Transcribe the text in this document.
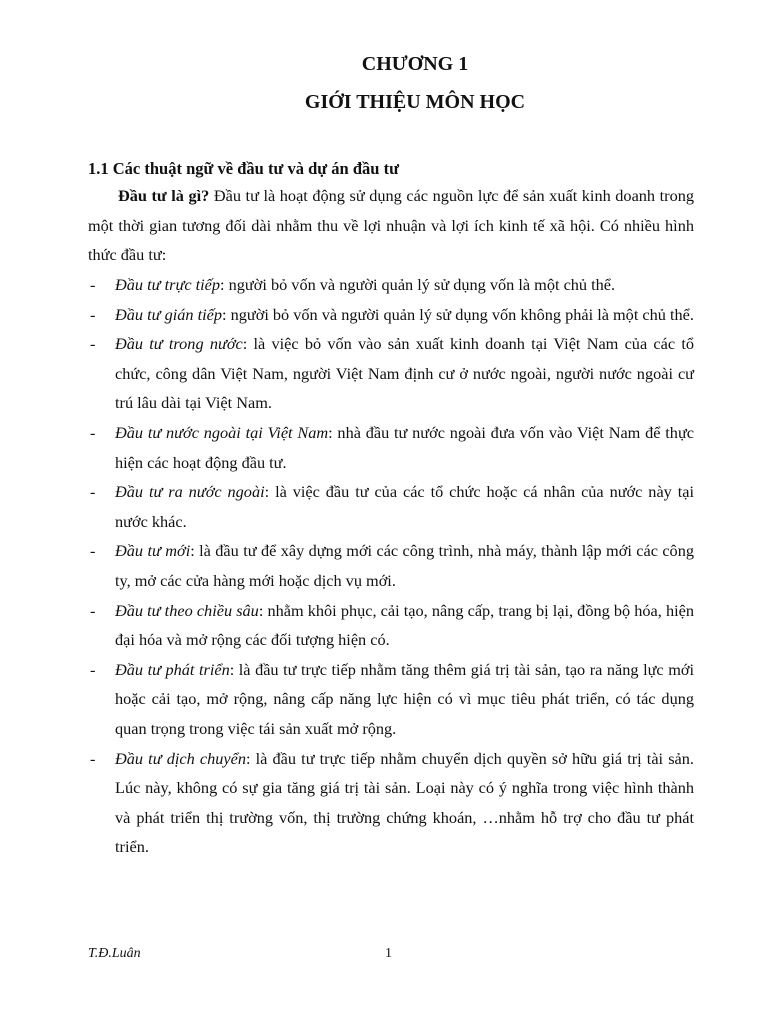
CHƯƠNG 1
GIỚI THIỆU MÔN HỌC
1.1 Các thuật ngữ về đầu tư và dự án đầu tư

Đầu tư là gì? Đầu tư là hoạt động sử dụng các nguồn lực để sản xuất kinh doanh trong một thời gian tương đối dài nhằm thu về lợi nhuận và lợi ích kinh tế xã hội. Có nhiều hình thức đầu tư:

- Đầu tư trực tiếp: người bỏ vốn và người quản lý sử dụng vốn là một chủ thể.
- Đầu tư gián tiếp: người bỏ vốn và người quản lý sử dụng vốn không phải là một chủ thể.
- Đầu tư trong nước: là việc bỏ vốn vào sản xuất kinh doanh tại Việt Nam của các tổ chức, công dân Việt Nam, người Việt Nam định cư ở nước ngoài, người nước ngoài cư trú lâu dài tại Việt Nam.
- Đầu tư nước ngoài tại Việt Nam: nhà đầu tư nước ngoài đưa vốn vào Việt Nam để thực hiện các hoạt động đầu tư.
- Đầu tư ra nước ngoài: là việc đầu tư của các tổ chức hoặc cá nhân của nước này tại nước khác.
- Đầu tư mới: là đầu tư để xây dựng mới các công trình, nhà máy, thành lập mới các công ty, mở các cửa hàng mới hoặc dịch vụ mới.
- Đầu tư theo chiều sâu: nhằm khôi phục, cải tạo, nâng cấp, trang bị lại, đồng bộ hóa, hiện đại hóa và mở rộng các đối tượng hiện có.
- Đầu tư phát triển: là đầu tư trực tiếp nhằm tăng thêm giá trị tài sản, tạo ra năng lực mới hoặc cải tạo, mở rộng, nâng cấp năng lực hiện có vì mục tiêu phát triển, có tác dụng quan trọng trong việc tái sản xuất mở rộng.
- Đầu tư dịch chuyển: là đầu tư trực tiếp nhằm chuyển dịch quyền sở hữu giá trị tài sản. Lúc này, không có sự gia tăng giá trị tài sản. Loại này có ý nghĩa trong việc hình thành và phát triển thị trường vốn, thị trường chứng khoán, …nhằm hỗ trợ cho đầu tư phát triển.
T.Đ.Luân	1
